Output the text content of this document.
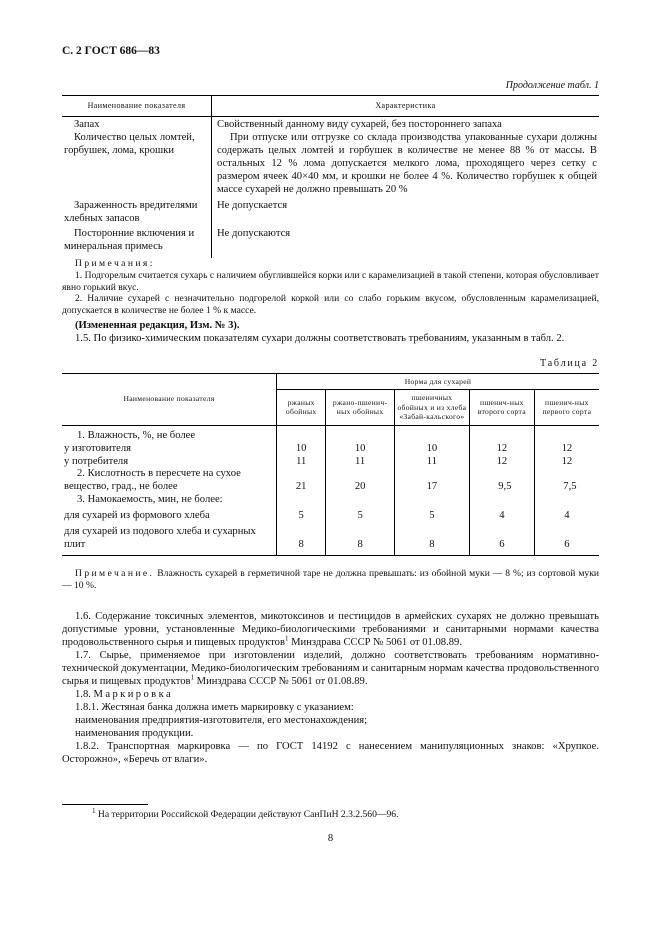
С. 2 ГОСТ 686—83
Продолжение табл. 1
Наименование показателя	Характеристика

Запах	Свойственный данному виду сухарей, без постороннего запаха

Количество целых ломтей, горбушек, лома, крошки	При отпуске или отгрузке со склада производства упакованные сухари должны содержать целых ломтей и горбушек в количестве не менее 88 % от массы. В остальных 12 % лома допускается мелкого лома, проходящего через сетку с размером ячеек 40×40 мм, и крошки не более 4 %. Количество горбушек к общей массе сухарей не должно превышать 20 %

Зараженность вредителями хлебных запасов	Не допускается

Посторонние включения и минеральная примесь	Не допускаются

Примечания:

1. Подгорелым считается сухарь с наличием обуглившейся корки или с карамелизацией в такой степени, которая обусловливает явно горький вкус.

2. Наличие сухарей с незначительно подгорелой коркой или со слабо горьким вкусом, обусловленным карамелизацией, допускается в количестве не более 1 % к массе.

(Измененная редакция, Изм. № 3).

1.5. По физико-химическим показателям сухари должны соответствовать требованиям, указанным в табл. 2.

Таблица 2
Наименование показателя	Норма для сухарей				
	ржаных обойных	ржано-пшенич-ных обойных	пшеничных обойных и из хлеба «Забай-кальского»	пшенич-ных второго сорта	пшенич-ных первого сорта

1. Влажность, %, не более					

у изготовителя	10	10	10	12	12
у потребителя	11	11	11	12	12

2. Кислотность в пересчете на сухое вещество, град., не более	21	20	17	9,5	7,5

3. Намокаемость, мин, не более:					

для сухарей из формового хлеба	5	5	5	4	4
для сухарей из подового хлеба и сухарных плит	8	8	8	6	6

Примечание. Влажность сухарей в герметичной таре не должна превышать: из обойной муки — 8 %; из сортовой муки — 10 %.

1.6. Содержание токсичных элементов, микотоксинов и пестицидов в армейских сухарях не должно превышать допустимые уровни, установленные Медико-биологическими требованиями и санитарными нормами качества продовольственного сырья и пищевых продуктов$^1$ Минздрава СССР № 5061 от 01.08.89.

1.7. Сырье, применяемое при изготовлении изделий, должно соответствовать требованиям нормативно-технической документации, Медико-биологическим требованиям и санитарным нормам качества продовольственного сырья и пищевых продуктов$^1$ Минздрава СССР № 5061 от 01.08.89.

1.8. Маркировка

1.8.1. Жестяная банка должна иметь маркировку с указанием:

наименования предприятия-изготовителя, его местонахождения;

наименования продукции.

1.8.2. Транспортная маркировка — по ГОСТ 14192 с нанесением манипуляционных знаков: «Хрупкое. Осторожно», «Беречь от влаги».

$^1$ На территории Российской Федерации действуют СанПиН 2.3.2.560—96.

8
